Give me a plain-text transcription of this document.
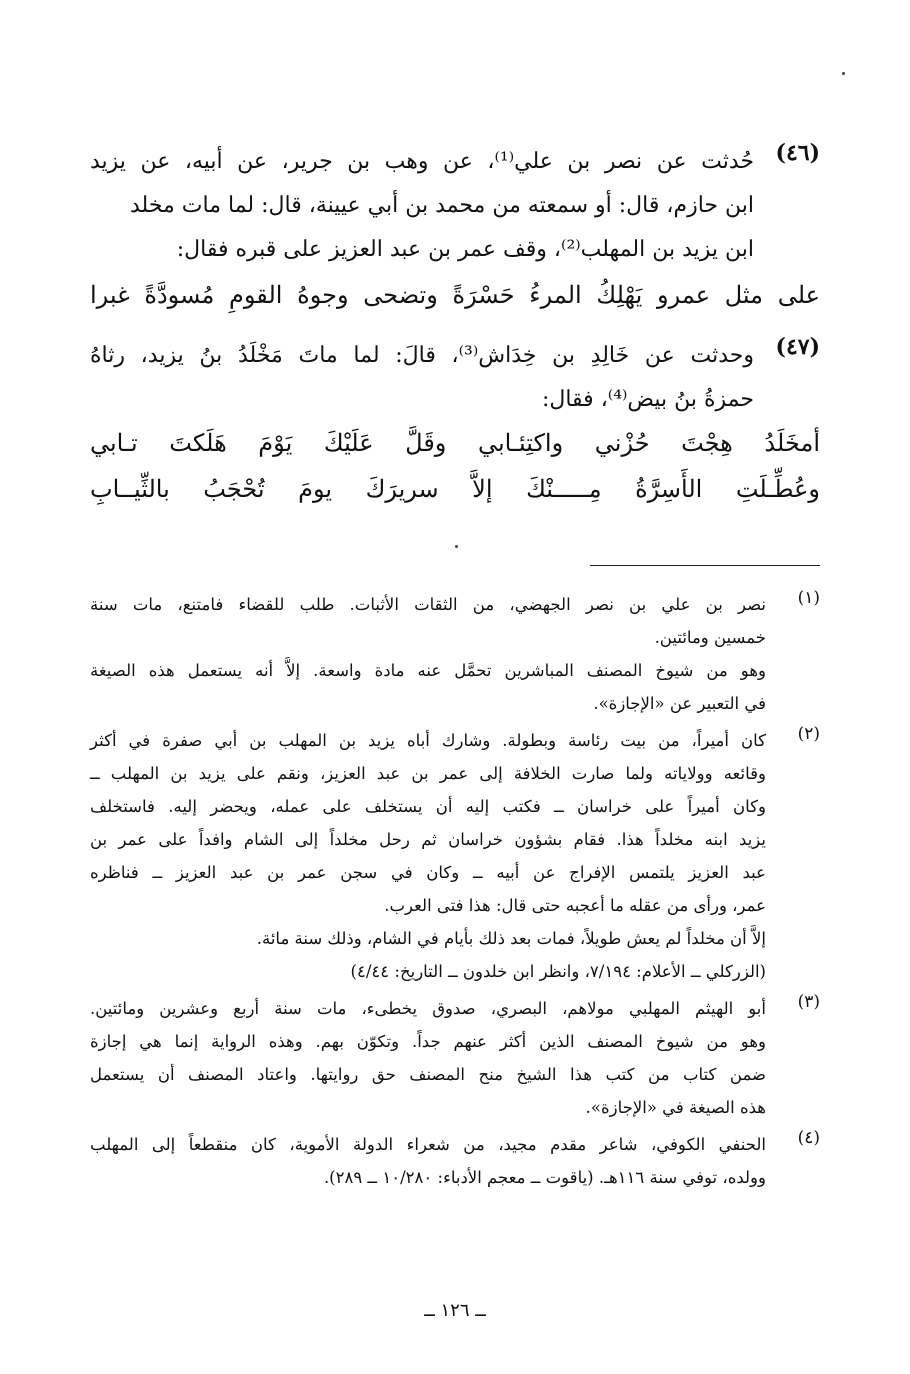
(٤٦)
حُدثت عن نصر بن علي⁽¹⁾، عن وهب بن جرير، عن أبيه، عن يزيد
ابن حازم، قال: أو سمعته من محمد بن أبي عيينة، قال: لما مات مخلد
ابن يزيد بن المهلب⁽²⁾، وقف عمر بن عبد العزيز على قبره فقال:
على مثل عمرو يَهْلِكُ المرءُ حَسْرَةً وتضحى وجوهُ القومِ مُسودَّةً غبرا
(٤٧)
وحدثت عن خَالِدِ بن خِدَاش⁽³⁾، قالَ: لما ماتَ مَخْلَدُ بنُ يزيد، رثاهُ
حمزةُ بنُ بيض⁽⁴⁾، فقال:
أمخَلَدُ هِجْتَ حُزْني واكتِئـابي وقَلَّ عَلَيْكَ يَوْمَ هَلَكتَ تـابي
وعُطِّـلَتِ الأَسِرَّةُ مِـــــنْكَ إلاَّ سريرَكَ يومَ تُحْجَبُ بالثِّيــابِ
(١)
نصر بن علي بن نصر الجهضي، من الثقات الأثبات. طلب للقضاء فامتنع، مات سنة
خمسين ومائتين.
وهو من شيوخ المصنف المباشرين تحمَّل عنه مادة واسعة. إلاَّ أنه يستعمل هذه الصيغة
في التعبير عن «الإجازة».
(٢)
كان أميراً، من بيت رئاسة وبطولة. وشارك أباه يزيد بن المهلب بن أبي صفرة في أكثر
وقائعه وولاياته ولما صارت الخلافة إلى عمر بن عبد العزيز، ونقم على يزيد بن المهلب ــ
وكان أميراً على خراسان ــ فكتب إليه أن يستخلف على عمله، ويحضر إليه. فاستخلف
يزيد ابنه مخلداً هذا. فقام بشؤون خراسان ثم رحل مخلداً إلى الشام وافداً على عمر بن
عبد العزيز يلتمس الإفراج عن أبيه ــ وكان في سجن عمر بن عبد العزيز ــ فناظره
عمر، ورأى من عقله ما أعجبه حتى قال: هذا فتى العرب.
إلاَّ أن مخلداً لم يعش طويلاً، فمات بعد ذلك بأيام في الشام، وذلك سنة مائة.
(الزركلي ــ الأعلام: ٧/١٩٤، وانظر ابن خلدون ــ التاريخ: ٤/٤٤)
(٣)
أبو الهيثم المهلبي مولاهم، البصري، صدوق يخطىء، مات سنة أربع وعشرين ومائتين.
وهو من شيوخ المصنف الذين أكثر عنهم جداً. وتكوّن بهم. وهذه الرواية إنما هي إجازة
ضمن كتاب من كتب هذا الشيخ منح المصنف حق روايتها. واعتاد المصنف أن يستعمل
هذه الصيغة في «الإجازة».
(٤)
الحنفي الكوفي، شاعر مقدم مجيد، من شعراء الدولة الأموية، كان منقطعاً إلى المهلب
وولده، توفي سنة ١١٦هـ. (ياقوت ــ معجم الأدباء: ١٠/٢٨٠ ــ ٢٨٩).
ــ ١٢٦ ــ
